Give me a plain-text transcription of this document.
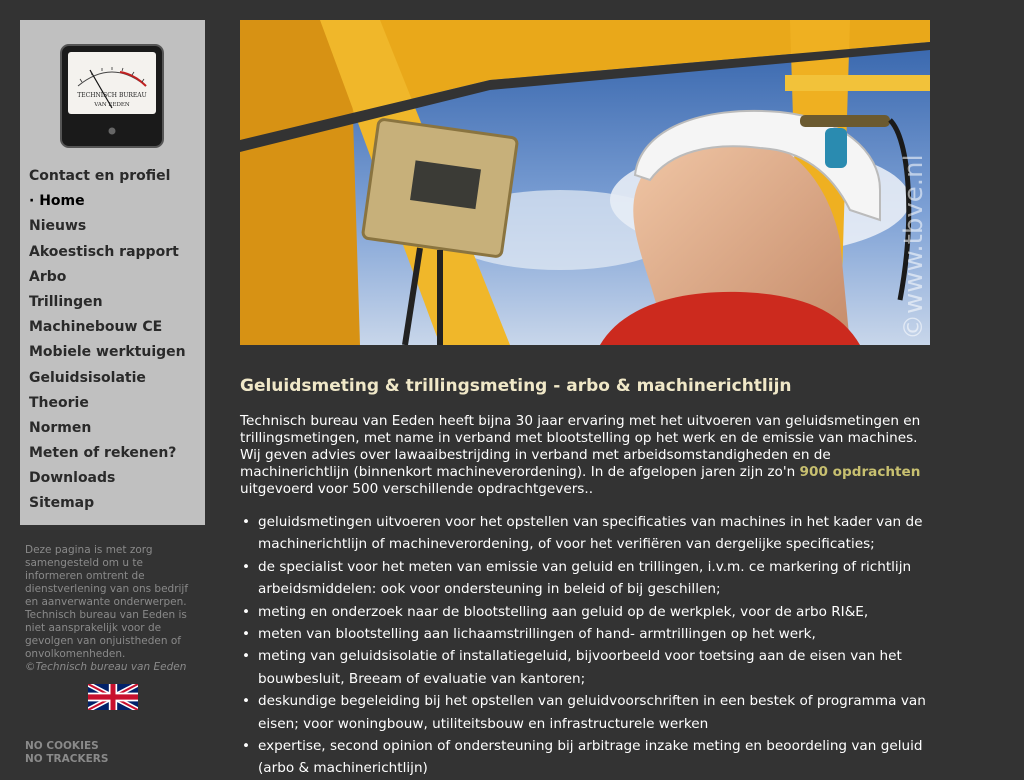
TECHNISCH BUREAU
VAN EEDEN
Contact en profiel
· Home
Nieuws
Akoestisch rapport
Arbo
Trillingen
Machinebouw CE
Mobiele werktuigen
Geluidsisolatie
Theorie
Normen
Meten of rekenen?
Downloads
Sitemap
Deze pagina is met zorg samengesteld om u te informeren omtrent de dienstverlening van ons bedrijf en aanverwante onderwerpen. Technisch bureau van Eeden is niet aansprakelijk voor de gevolgen van onjuistheden of onvolkomenheden.
©Technisch bureau van Eeden
NO COOKIES
NO TRACKERS
©www.tbve.nl
Geluidsmeting & trillingsmeting - arbo & machinerichtlijn

Technisch bureau van Eeden heeft bijna 30 jaar ervaring met het uitvoeren van geluidsmetingen en trillingsmetingen, met name in verband met blootstelling op het werk en de emissie van machines. Wij geven advies over lawaaibestrijding in verband met arbeidsomstandigheden en de machinerichtlijn (binnenkort machineverordening). In de afgelopen jaren zijn zo'n 900 opdrachten uitgevoerd voor 500 verschillende opdrachtgevers..

• geluidsmetingen uitvoeren voor het opstellen van specificaties van machines in het kader van de machinerichtlijn of machineverordening, of voor het verifiëren van dergelijke specificaties;
• de specialist voor het meten van emissie van geluid en trillingen, i.v.m. ce markering of richtlijn arbeidsmiddelen: ook voor ondersteuning in beleid of bij geschillen;
• meting en onderzoek naar de blootstelling aan geluid op de werkplek, voor de arbo RI&E,
• meten van blootstelling aan lichaamstrillingen of hand- armtrillingen op het werk,
• meting van geluidsisolatie of installatiegeluid, bijvoorbeeld voor toetsing aan de eisen van het bouwbesluit, Breeam of evaluatie van kantoren;
• deskundige begeleiding bij het opstellen van geluidvoorschriften in een bestek of programma van eisen; voor woningbouw, utiliteitsbouw en infrastructurele werken
• expertise, second opinion of ondersteuning bij arbitrage inzake meting en beoordeling van geluid (arbo & machinerichtlijn)
